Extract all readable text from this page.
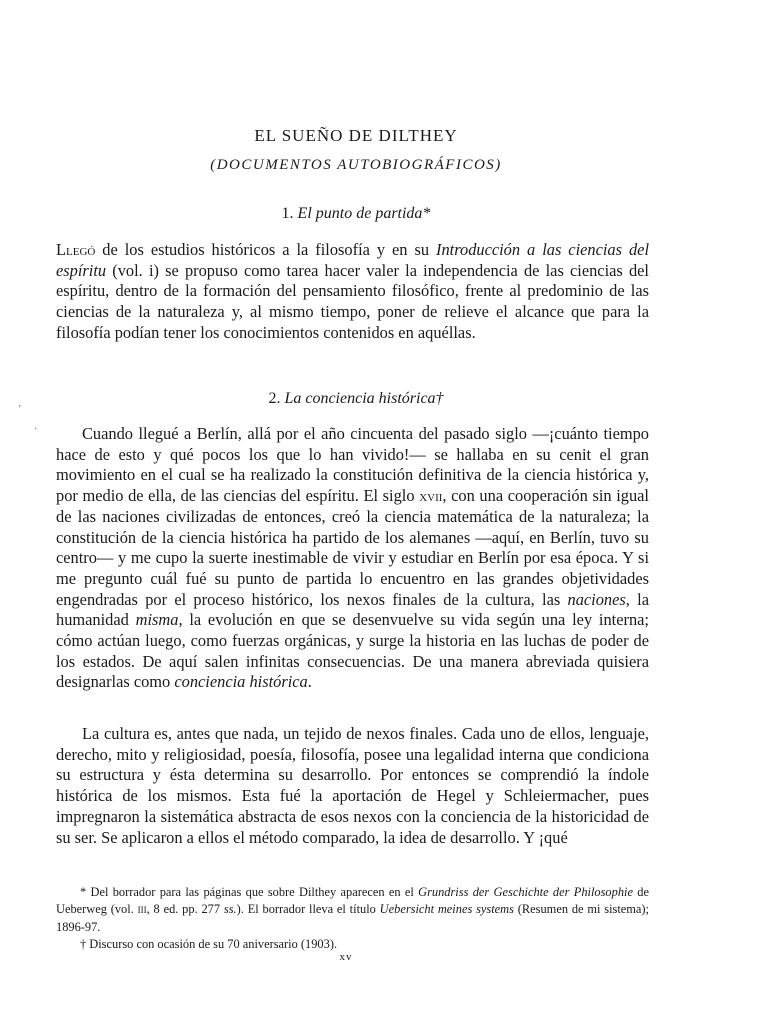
EL SUEÑO DE DILTHEY
(DOCUMENTOS AUTOBIOGRÁFICOS)
1. El punto de partida*

Llegó de los estudios históricos a la filosofía y en su Introducción a las ciencias del espíritu (vol. i) se propuso como tarea hacer valer la independencia de las ciencias del espíritu, dentro de la formación del pensamiento filosófico, frente al predominio de las ciencias de la naturaleza y, al mismo tiempo, poner de relieve el alcance que para la filosofía podían tener los conocimientos contenidos en aquéllas.

2. La conciencia histórica†

Cuando llegué a Berlín, allá por el año cincuenta del pasado siglo —¡cuánto tiempo hace de esto y qué pocos los que lo han vivido!— se hallaba en su cenit el gran movimiento en el cual se ha realizado la constitución definitiva de la ciencia histórica y, por medio de ella, de las ciencias del espíritu. El siglo xvii, con una cooperación sin igual de las naciones civilizadas de entonces, creó la ciencia matemática de la naturaleza; la constitución de la ciencia histórica ha partido de los alemanes —aquí, en Berlín, tuvo su centro— y me cupo la suerte inestimable de vivir y estudiar en Berlín por esa época. Y si me pregunto cuál fué su punto de partida lo encuentro en las grandes objetividades engendradas por el proceso histórico, los nexos finales de la cultura, las naciones, la humanidad misma, la evolución en que se desenvuelve su vida según una ley interna; cómo actúan luego, como fuerzas orgánicas, y surge la historia en las luchas de poder de los estados. De aquí salen infinitas consecuencias. De una manera abreviada quisiera designarlas como conciencia histórica.

La cultura es, antes que nada, un tejido de nexos finales. Cada uno de ellos, lenguaje, derecho, mito y religiosidad, poesía, filosofía, posee una legalidad interna que condiciona su estructura y ésta determina su desarrollo. Por entonces se comprendió la índole histórica de los mismos. Esta fué la aportación de Hegel y Schleiermacher, pues impregnaron la sistemática abstracta de esos nexos con la conciencia de la historicidad de su ser. Se aplicaron a ellos el método comparado, la idea de desarrollo. Y ¡qué

* Del borrador para las páginas que sobre Dilthey aparecen en el Grundriss der Geschichte der Philosophie de Ueberweg (vol. iii, 8 ed. pp. 277 ss.). El borrador lleva el título Uebersicht meines systems (Resumen de mi sistema); 1896-97.

† Discurso con ocasión de su 70 aniversario (1903).

xv
‚
·
